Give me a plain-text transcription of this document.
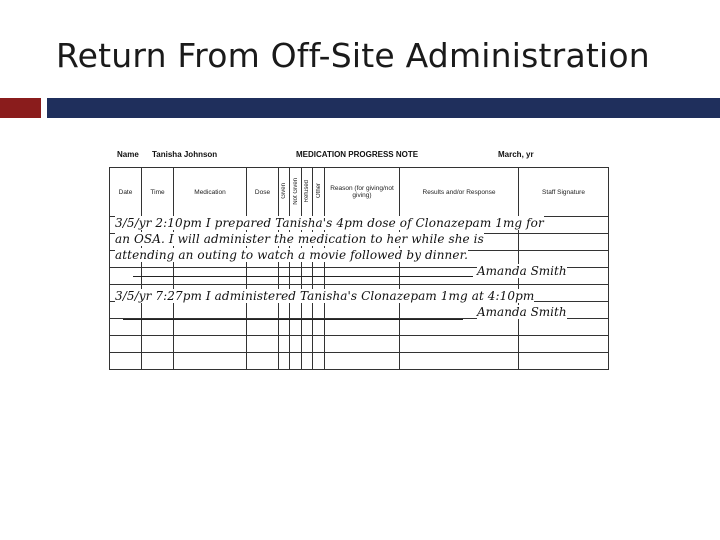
Return From Off-Site Administration
Name Tanisha Johnson	MEDICATION PROGRESS NOTE	March, yr
Date	Time	Medication	Dose	Given	Not Given	Refused	Other	Reason (for giving/not giving)	Results and/or Response	Staff Signature

3/5/yr 2:10pm I prepared Tanisha's 4pm dose of Clonazepam 1mg for
an OSA. I will administer the medication to her while she is
attending an outing to watch a movie followed by dinner.
Amanda Smith
3/5/yr 7:27pm I administered Tanisha's Clonazepam 1mg at 4:10pm
Amanda Smith
